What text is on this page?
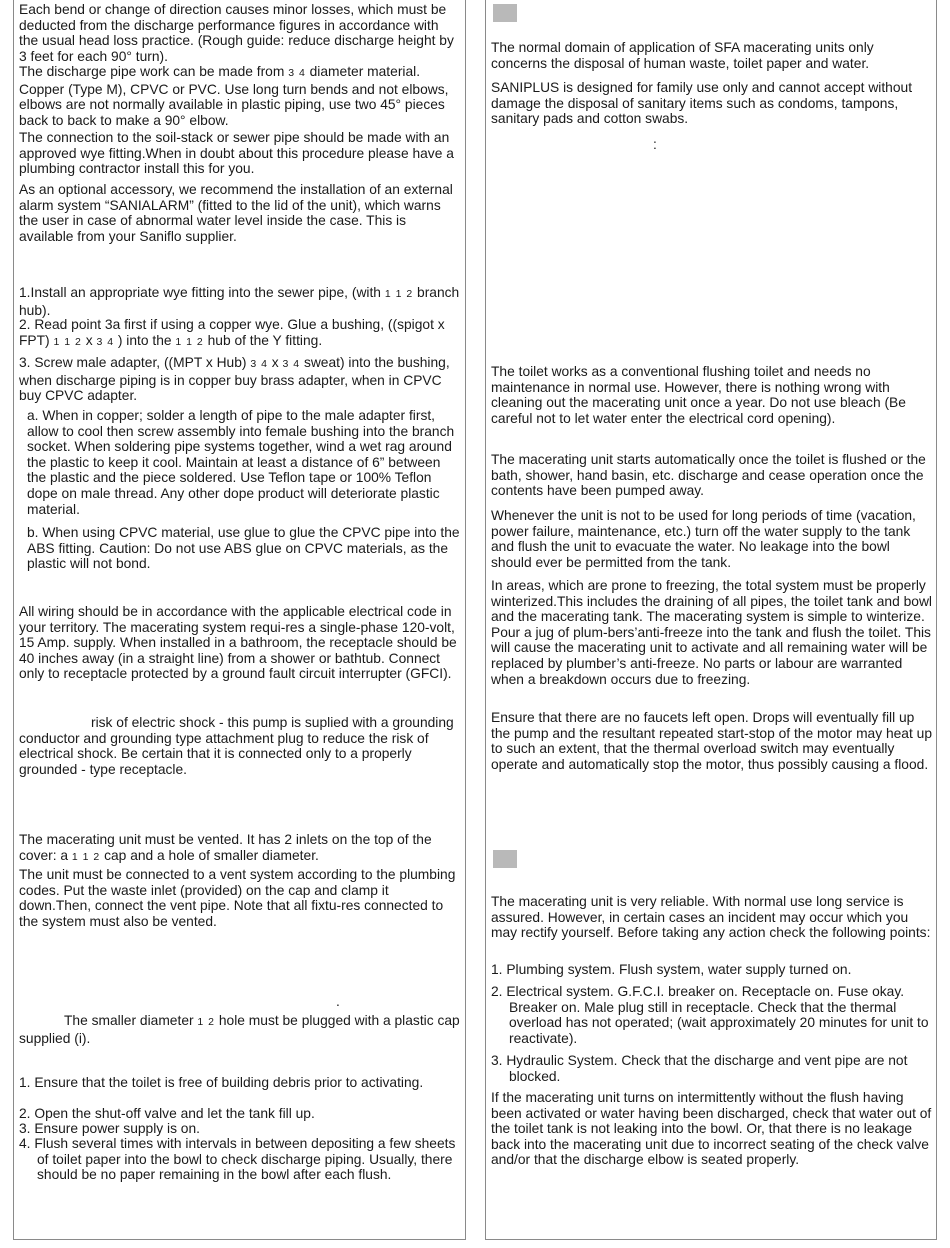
Each bend or change of direction causes minor losses, which must be deducted from the discharge performance figures in accordance with the usual head loss practice. (Rough guide: reduce discharge height by 3 feet for each 90° turn).

The discharge pipe work can be made from 3 4 diameter material. Copper (Type M), CPVC or PVC. Use long turn bends and not elbows, elbows are not normally available in plastic piping, use two 45° pieces back to back to make a 90° elbow.

The connection to the soil-stack or sewer pipe should be made with an approved wye fitting.When in doubt about this procedure please have a plumbing contractor install this for you.

As an optional accessory, we recommend the installation of an external alarm system “SANIALARM” (fitted to the lid of the unit), which warns the user in case of abnormal water level inside the case. This is available from your Saniflo supplier.

1.Install an appropriate wye fitting into the sewer pipe, (with 1 1 2 branch hub).

2. Read point 3a first if using a copper wye. Glue a bushing, ((spigot x FPT) 1 1 2 x 3 4 ) into the 1 1 2 hub of the Y fitting.

3. Screw male adapter, ((MPT x Hub) 3 4 x 3 4 sweat) into the bushing, when discharge piping is in copper buy brass adapter, when in CPVC buy CPVC adapter.

a. When in copper; solder a length of pipe to the male adapter first, allow to cool then screw assembly into female bushing into the branch socket. When soldering pipe systems together, wind a wet rag around the plastic to keep it cool. Maintain at least a distance of 6” between the plastic and the piece soldered. Use Teflon tape or 100% Teflon dope on male thread. Any other dope product will deteriorate plastic material.

b. When using CPVC material, use glue to glue the CPVC pipe into the ABS fitting. Caution: Do not use ABS glue on CPVC materials, as the plastic will not bond.

All wiring should be in accordance with the applicable electrical code in your territory. The macerating system requi-res a single-phase 120-volt, 15 Amp. supply. When installed in a bathroom, the receptacle should be 40 inches away (in a straight line) from a shower or bathtub. Connect only to receptacle protected by a ground fault circuit interrupter (GFCI).

risk of electric shock - this pump is suplied with a grounding conductor and grounding type attachment plug to reduce the risk of electrical shock. Be certain that it is connected only to a properly grounded - type receptacle.

The macerating unit must be vented. It has 2 inlets on the top of the cover: a 1 1 2 cap and a hole of smaller diameter.

The unit must be connected to a vent system according to the plumbing codes. Put the waste inlet (provided) on the cap and clamp it down.Then, connect the vent pipe. Note that all fixtu-res connected to the system must also be vented.

.

The smaller diameter 1 2 hole must be plugged with a plastic cap supplied (i).

1. Ensure that the toilet is free of building debris prior to activating.

2. Open the shut-off valve and let the tank fill up.

3. Ensure power supply is on.

4. Flush several times with intervals in between depositing a few sheets of toilet paper into the bowl to check discharge piping. Usually, there should be no paper remaining in the bowl after each flush.

The normal domain of application of SFA macerating units only concerns the disposal of human waste, toilet paper and water.

SANIPLUS is designed for family use only and cannot accept without damage the disposal of sanitary items such as condoms, tampons, sanitary pads and cotton swabs.

:

The toilet works as a conventional flushing toilet and needs no maintenance in normal use. However, there is nothing wrong with cleaning out the macerating unit once a year. Do not use bleach (Be careful not to let water enter the electrical cord opening).

The macerating unit starts automatically once the toilet is flushed or the bath, shower, hand basin, etc. discharge and cease operation once the contents have been pumped away.

Whenever the unit is not to be used for long periods of time (vacation, power failure, maintenance, etc.) turn off the water supply to the tank and flush the unit to evacuate the water. No leakage into the bowl should ever be permitted from the tank.

In areas, which are prone to freezing, the total system must be properly winterized.This includes the draining of all pipes, the toilet tank and bowl and the macerating tank. The macerating system is simple to winterize. Pour a jug of plum-bers’anti-freeze into the tank and flush the toilet. This will cause the macerating unit to activate and all remaining water will be replaced by plumber’s anti-freeze. No parts or labour are warranted when a breakdown occurs due to freezing.

Ensure that there are no faucets left open. Drops will eventually fill up the pump and the resultant repeated start-stop of the motor may heat up to such an extent, that the thermal overload switch may eventually operate and automatically stop the motor, thus possibly causing a flood.

The macerating unit is very reliable. With normal use long service is assured. However, in certain cases an incident may occur which you may rectify yourself. Before taking any action check the following points:

1. Plumbing system. Flush system, water supply turned on.

2. Electrical system. G.F.C.I. breaker on. Receptacle on. Fuse okay. Breaker on. Male plug still in receptacle. Check that the thermal overload has not operated; (wait approximately 20 minutes for unit to reactivate).

3. Hydraulic System. Check that the discharge and vent pipe are not blocked.

If the macerating unit turns on intermittently without the flush having been activated or water having been discharged, check that water out of the toilet tank is not leaking into the bowl. Or, that there is no leakage back into the macerating unit due to incorrect seating of the check valve and/or that the discharge elbow is seated properly.
